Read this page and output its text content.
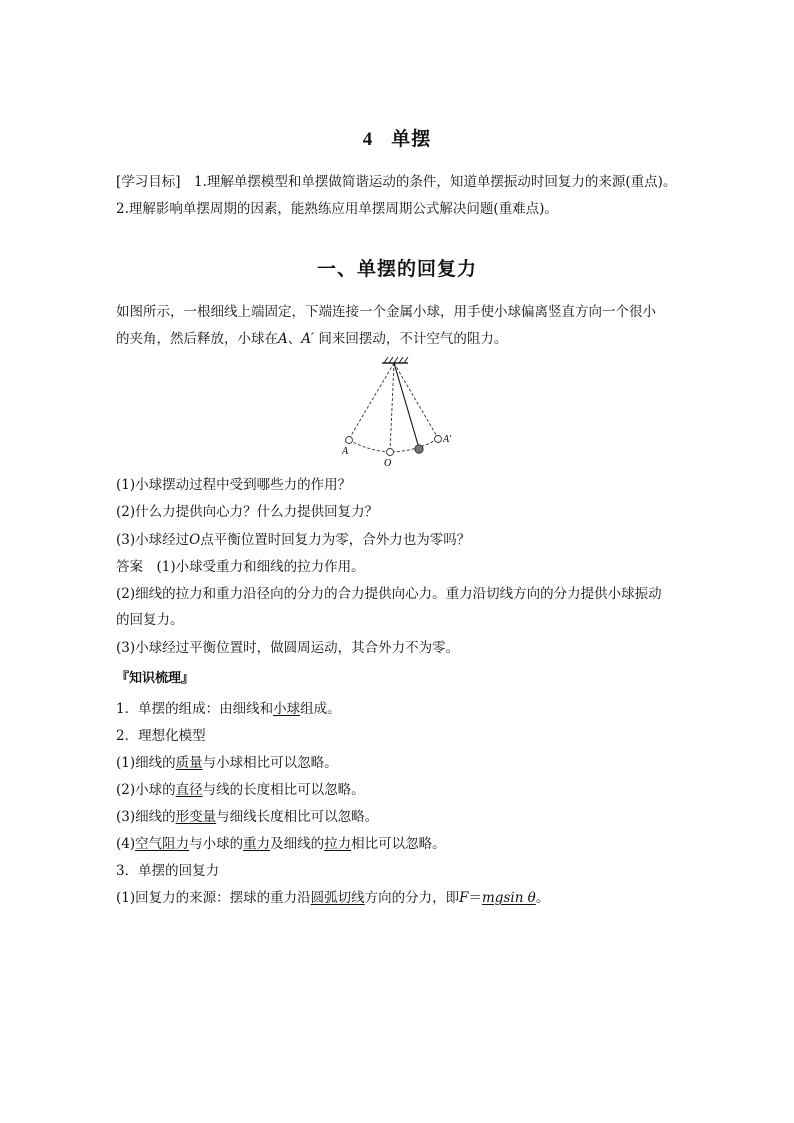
4 单摆
[学习目标]　1.理解单摆模型和单摆做简谐运动的条件，知道单摆振动时回复力的来源(重点)。
2.理解影响单摆周期的因素，能熟练应用单摆周期公式解决问题(重难点)。
一、单摆的回复力
如图所示，一根细线上端固定，下端连接一个金属小球，用手使小球偏离竖直方向一个很小
的夹角，然后释放，小球在A、A′ 间来回摆动，不计空气的阻力。
A
O
A′
(1)小球摆动过程中受到哪些力的作用？
(2)什么力提供向心力？什么力提供回复力？
(3)小球经过O点平衡位置时回复力为零，合外力也为零吗？
答案　(1)小球受重力和细线的拉力作用。
(2)细线的拉力和重力沿径向的分力的合力提供向心力。重力沿切线方向的分力提供小球振动
的回复力。
(3)小球经过平衡位置时，做圆周运动，其合外力不为零。
『知识梳理』
1．单摆的组成：由细线和小球组成。
2．理想化模型
(1)细线的质量与小球相比可以忽略。
(2)小球的直径与线的长度相比可以忽略。
(3)细线的形变量与细线长度相比可以忽略。
(4)空气阻力与小球的重力及细线的拉力相比可以忽略。
3．单摆的回复力
(1)回复力的来源：摆球的重力沿圆弧切线方向的分力，即F＝mgsin θ。
